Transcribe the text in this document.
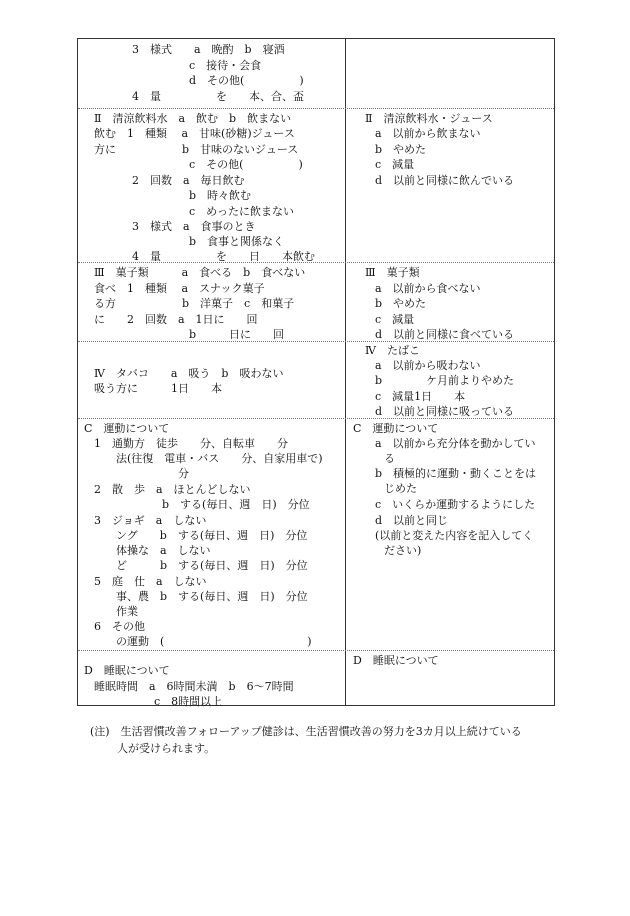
3　様式　　a　晩酌　b　寝酒
c　接待・会食
d　その他(　　　　　)
4　量　　　　　を　　本、合、盃
Ⅱ　清涼飲料水　a　飲む　b　飲まない
飲む　1　種類　 a　甘味(砂糖)ジュース
方に　　　　　　b　甘味のないジュース
c　その他(　　　　　)
2　回数　a　毎日飲む
b　時々飲む
c　めったに飲まない
3　様式　a　食事のとき
b　食事と関係なく
4　量　　　　　を　　日　　本飲む
Ⅲ　菓子類　　　a　食べる　b　食べない
食べ　1　種類　 a　スナック菓子
る方　　　　　　b　洋菓子　c　和菓子
に　　2　回数　a　1日に　　回
b　　　日に　　回
Ⅳ　タバコ　　a　吸う　b　吸わない
吸う方に　　　1日　　本
C　運動について
1　通勤方　徒歩　　分、自転車　　分
法(往復　電車・バス　　分、自家用車で)
分
2　散　歩　a　ほとんどしない
b　する(毎日、週　日)　分位
3　ジョギ　a　しない
ング　　b　する(毎日、週　日)　分位
体操な　a　しない
ど　　　b　する(毎日、週　日)　分位
5　庭　仕　a　しない
事、農　b　する(毎日、週　日)　分位
作業
6　その他
の運動　(　　　　　　　　　　　　　)
D　睡眠について
睡眠時間　a　6時間未満　b　6〜7時間
c　8時間以上
Ⅱ　清涼飲料水・ジュース
a　以前から飲まない
b　やめた
c　減量
d　以前と同様に飲んでいる
Ⅲ　菓子類
a　以前から食べない
b　やめた
c　減量
d　以前と同様に食べている
Ⅳ　たばこ
a　以前から吸わない
b　　　　ケ月前よりやめた
c　減量1日　　本
d　以前と同様に吸っている
C　運動について
a　以前から充分体を動かしてい
る
b　積極的に運動・動くことをは
じめた
c　いくらか運動するようにした
d　以前と同じ
(以前と変えた内容を記入してく
ださい)
D　睡眠について
(注)　生活習慣改善フォローアップ健診は、生活習慣改善の努力を3カ月以上続けている
人が受けられます。
